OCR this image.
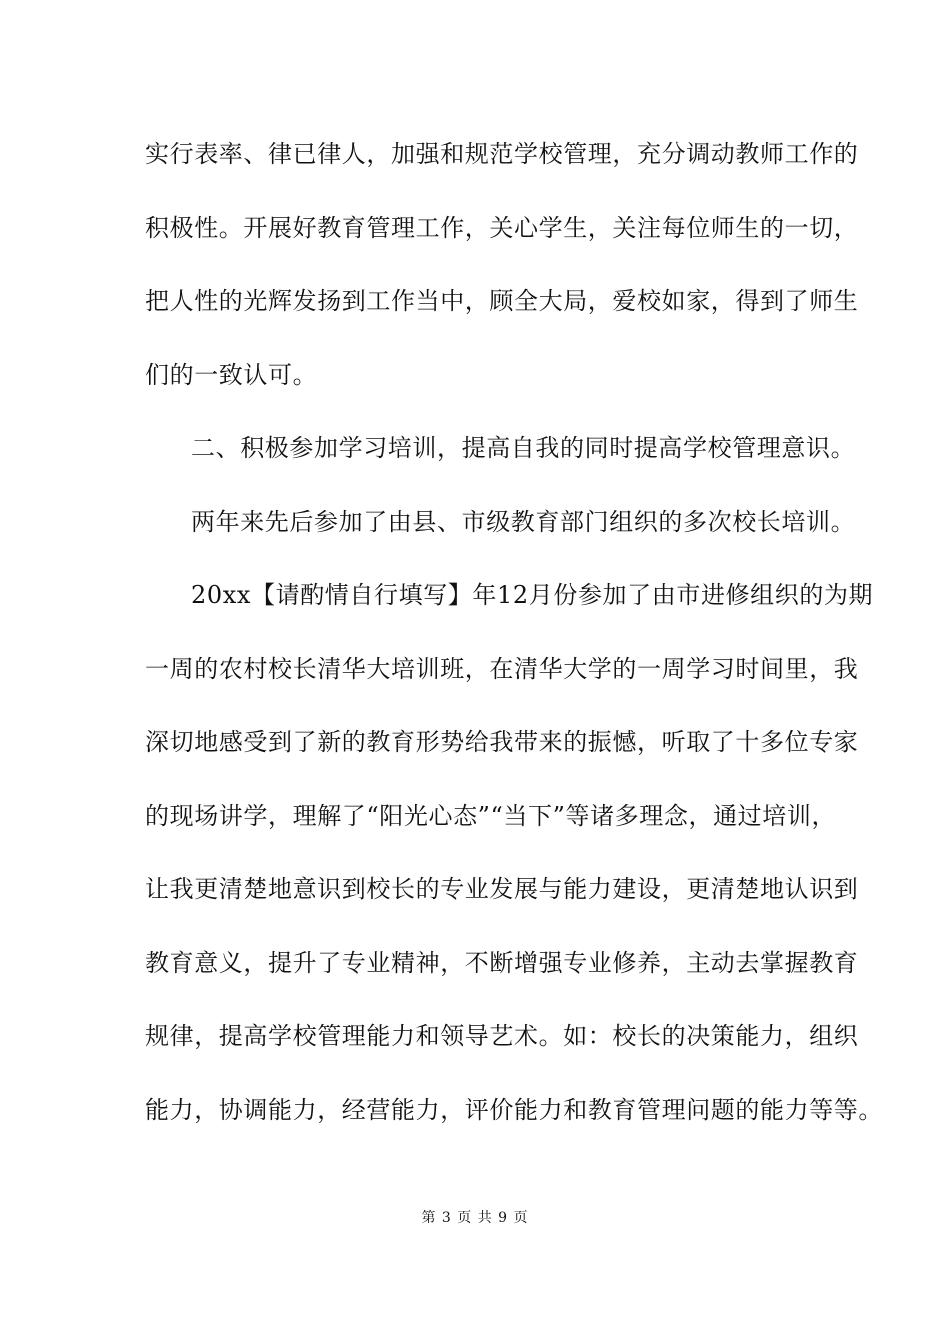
实行表率、律已律人，加强和规范学校管理，充分调动教师工作的
积极性。开展好教育管理工作，关心学生，关注每位师生的一切，
把人性的光辉发扬到工作当中，顾全大局，爱校如家，得到了师生
们的一致认可。
二、积极参加学习培训，提高自我的同时提高学校管理意识。
两年来先后参加了由县、市级教育部门组织的多次校长培训。
20xx【请酌情自行填写】年12月份参加了由市进修组织的为期
一周的农村校长清华大培训班，在清华大学的一周学习时间里，我
深切地感受到了新的教育形势给我带来的振憾，听取了十多位专家
的现场讲学，理解了“阳光心态”“当下”等诸多理念，通过培训，
让我更清楚地意识到校长的专业发展与能力建设，更清楚地认识到
教育意义，提升了专业精神，不断增强专业修养，主动去掌握教育
规律，提高学校管理能力和领导艺术。如：校长的决策能力，组织
能力，协调能力，经营能力，评价能力和教育管理问题的能力等等。
第 3 页 共 9 页
